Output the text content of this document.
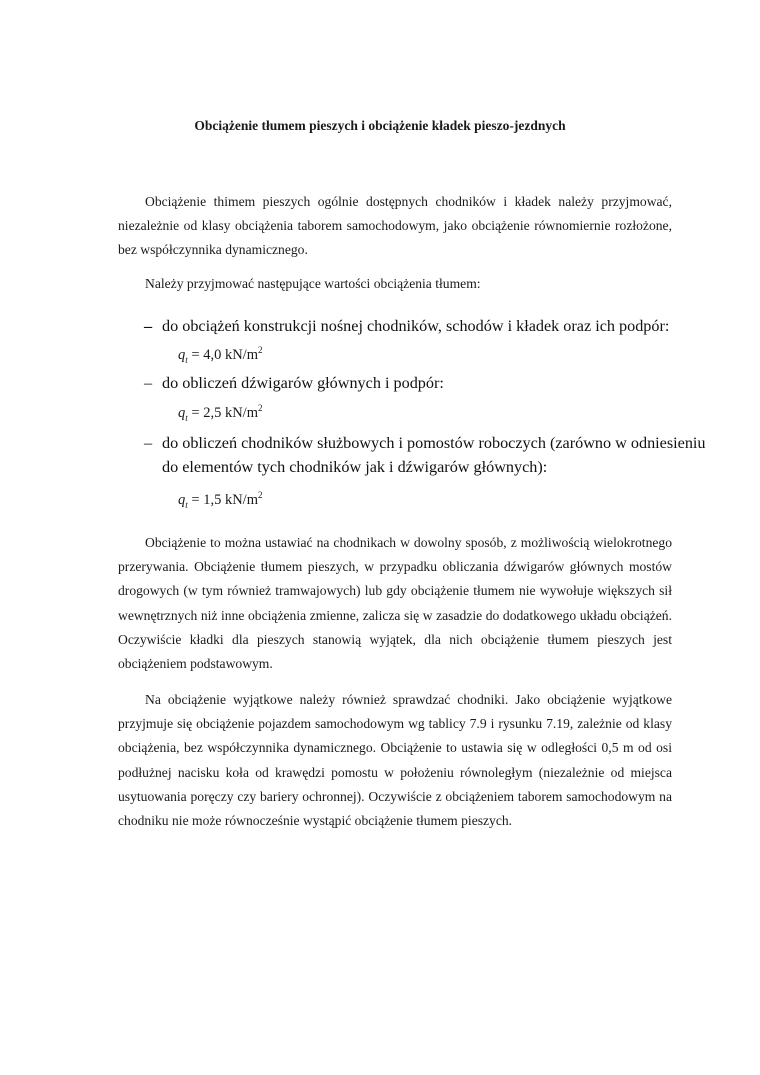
Obciążenie tłumem pieszych i obciążenie kładek pieszo-jezdnych

Obciążenie thimem pieszych ogólnie dostępnych chodników i kładek należy przyjmować, niezależnie od klasy obciążenia taborem samochodowym, jako obciążenie równomiernie rozłożone, bez współczynnika dynamicznego.

Należy przyjmować następujące wartości obciążenia tłumem:

– do obciążeń konstrukcji nośnej chodników, schodów i kładek oraz ich podpór:
– do obliczeń dźwigarów głównych i podpór:
– do obliczeń chodników służbowych i pomostów roboczych (zarówno w odniesieniu do elementów tych chodników jak i dźwigarów głównych):
$q_t = 4,0$ $kN/m^2$
$q_t = 2,5$ $kN/m^2$
$q_t = 1,5$ $kN/m^2$

Obciążenie to można ustawiać na chodnikach w dowolny sposób, z możliwością wielokrotnego przerywania. Obciążenie tłumem pieszych, w przypadku obliczania dźwigarów głównych mostów drogowych (w tym również tramwajowych) lub gdy obciążenie tłumem nie wywołuje większych sił wewnętrznych niż inne obciążenia zmienne, zalicza się w zasadzie do dodatkowego układu obciążeń. Oczywiście kładki dla pieszych stanowią wyjątek, dla nich obciążenie tłumem pieszych jest obciążeniem podstawowym.

Na obciążenie wyjątkowe należy również sprawdzać chodniki. Jako obciążenie wyjątkowe przyjmuje się obciążenie pojazdem samochodowym wg tablicy 7.9 i rysunku 7.19, zależnie od klasy obciążenia, bez współczynnika dynamicznego. Obciążenie to ustawia się w odległości 0,5 m od osi podłużnej nacisku koła od krawędzi pomostu w położeniu równoległym (niezależnie od miejsca usytuowania poręczy czy bariery ochronnej). Oczywiście z obciążeniem taborem samochodowym na chodniku nie może równocześnie wystąpić obciążenie tłumem pieszych.
